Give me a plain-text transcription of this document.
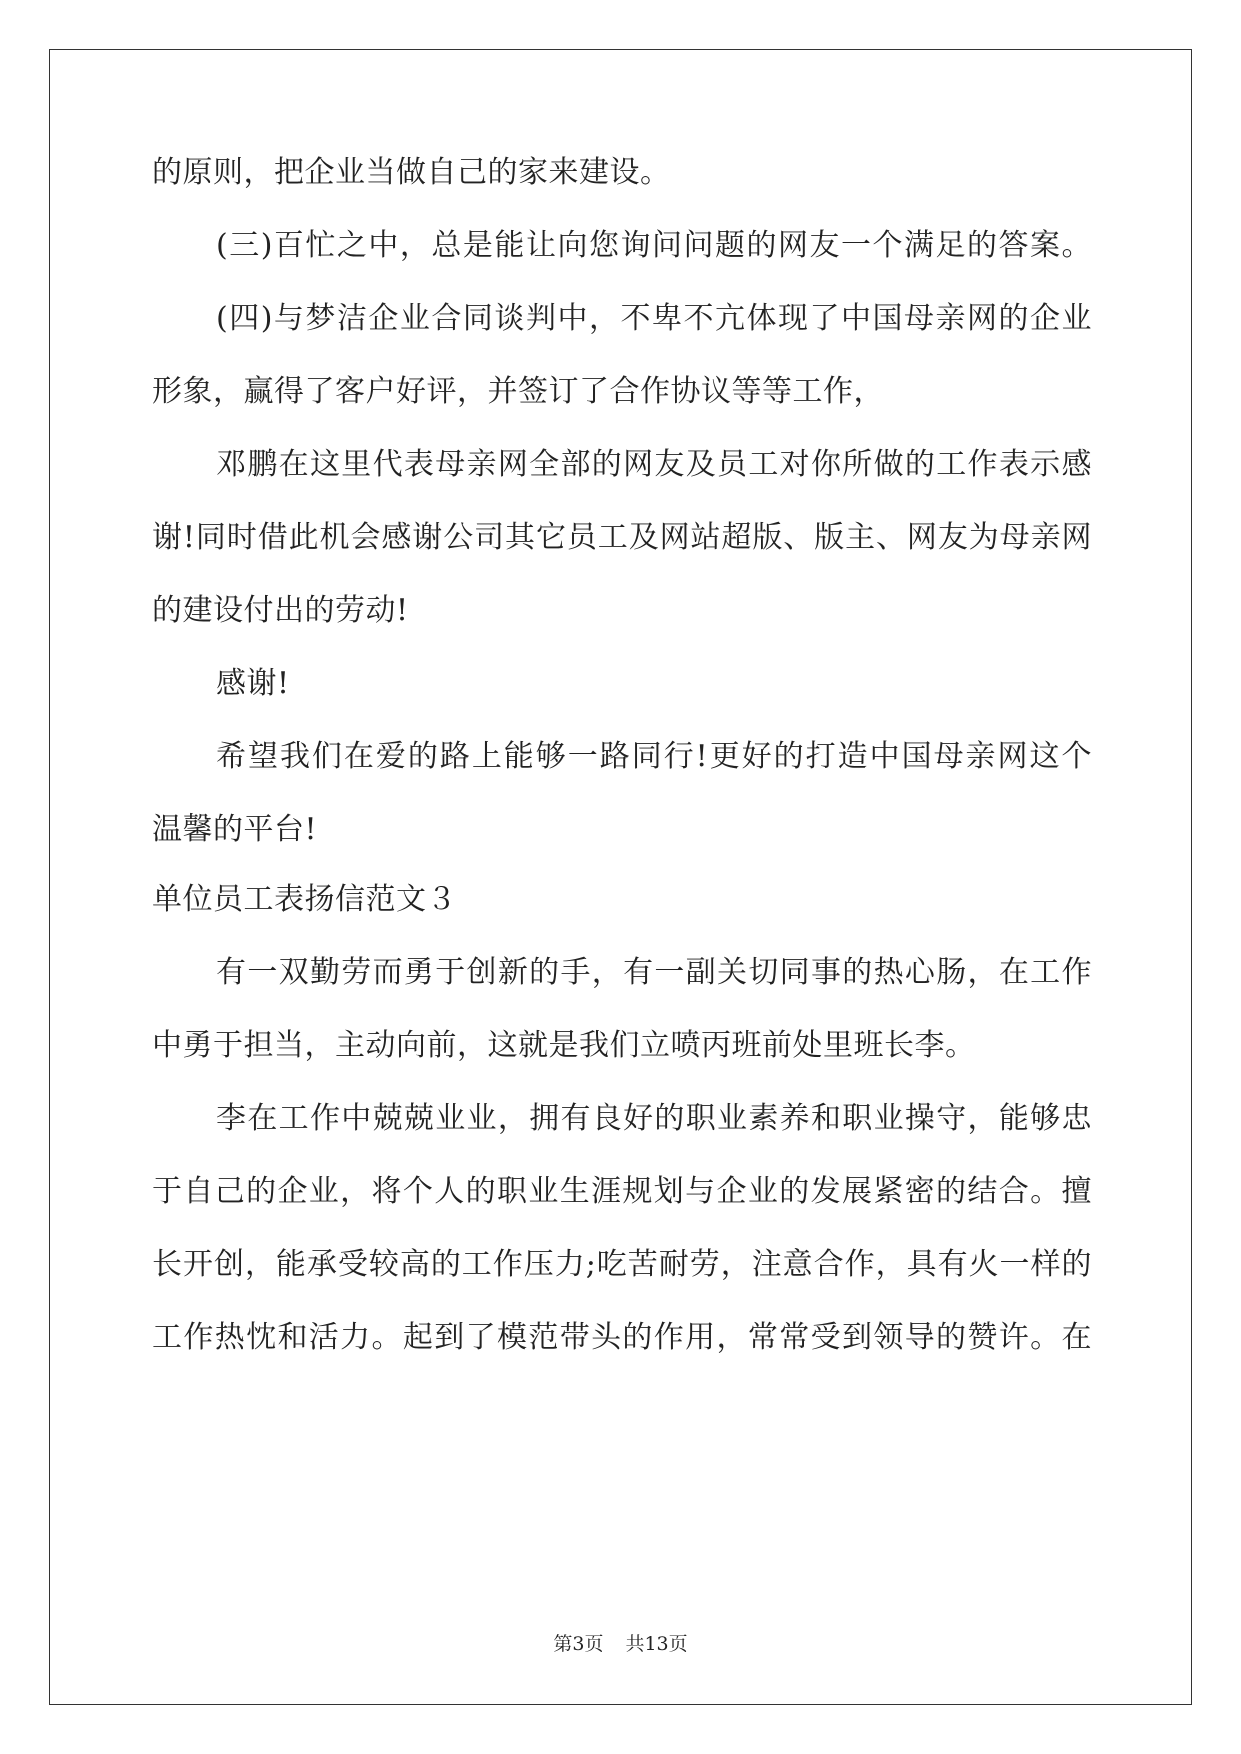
的原则，把企业当做自己的家来建设。
(三)百忙之中，总是能让向您询问问题的网友一个满足的答案。
(四)与梦洁企业合同谈判中，不卑不亢体现了中国母亲网的企业
形象，赢得了客户好评，并签订了合作协议等等工作，
邓鹏在这里代表母亲网全部的网友及员工对你所做的工作表示感
谢!同时借此机会感谢公司其它员工及网站超版、版主、网友为母亲网
的建设付出的劳动!
感谢!
希望我们在爱的路上能够一路同行!更好的打造中国母亲网这个
温馨的平台!
单位员工表扬信范文３
有一双勤劳而勇于创新的手，有一副关切同事的热心肠，在工作
中勇于担当，主动向前，这就是我们立喷丙班前处里班长李。
李在工作中兢兢业业，拥有良好的职业素养和职业操守，能够忠
于自己的企业，将个人的职业生涯规划与企业的发展紧密的结合。擅
长开创，能承受较高的工作压力;吃苦耐劳，注意合作，具有火一样的
工作热忱和活力。起到了模范带头的作用，常常受到领导的赞许。在
第3页 共13页
